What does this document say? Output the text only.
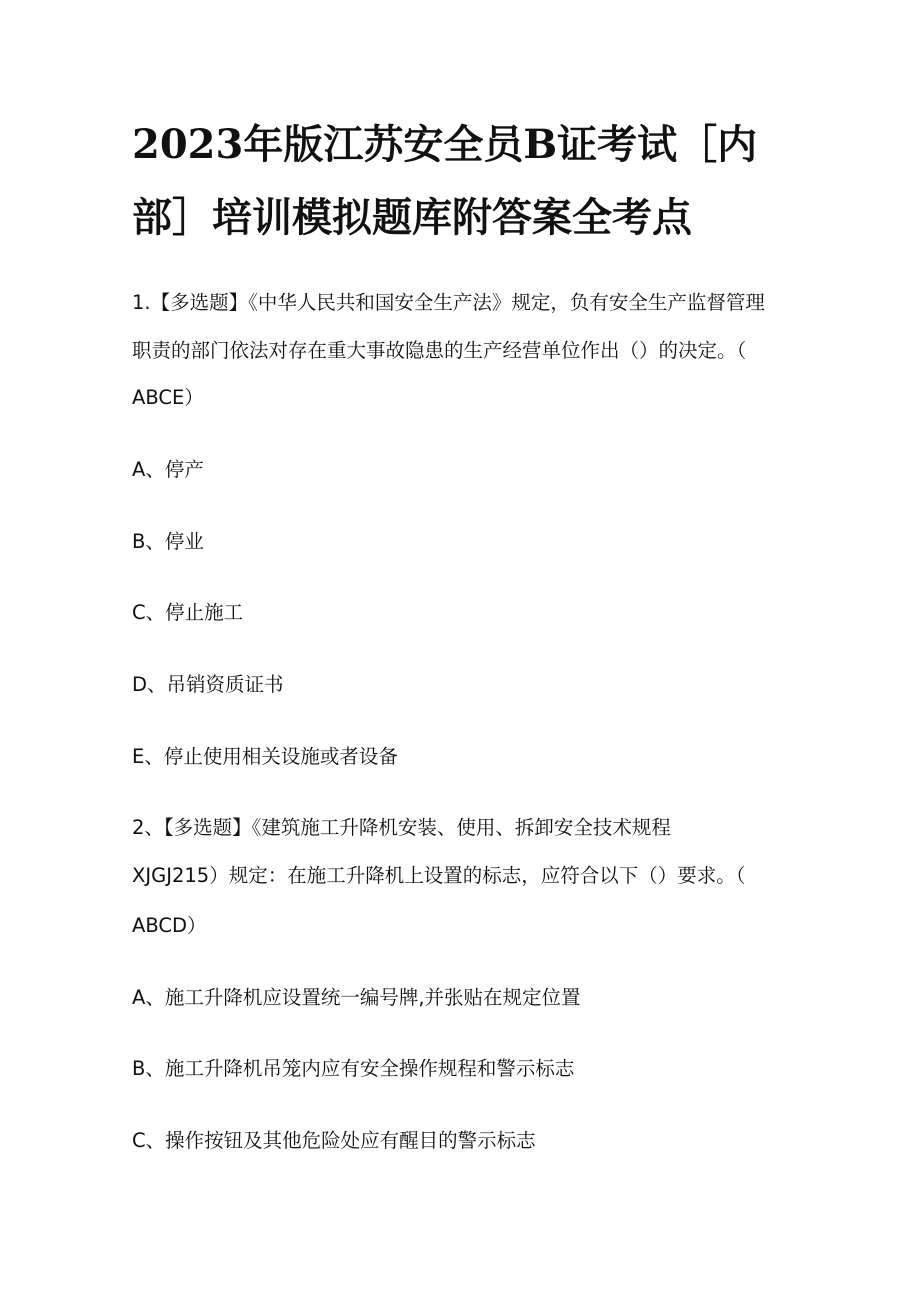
2023年版江苏安全员B证考试［内
部］培训模拟题库附答案全考点

1.【多选题】《中华人民共和国安全生产法》规定，负有安全生产监督管理

职责的部门依法对存在重大事故隐患的生产经营单位作出（）的决定。（

ABCE）

A、停产

B、停业

C、停止施工

D、吊销资质证书

E、停止使用相关设施或者设备

2、【多选题】《建筑施工升降机安装、使用、拆卸安全技术规程

XJGJ215）规定：在施工升降机上设置的标志，应符合以下（）要求。（

ABCD）

A、施工升降机应设置统一编号牌,并张贴在规定位置

B、施工升降机吊笼内应有安全操作规程和警示标志

C、操作按钮及其他危险处应有醒目的警示标志
